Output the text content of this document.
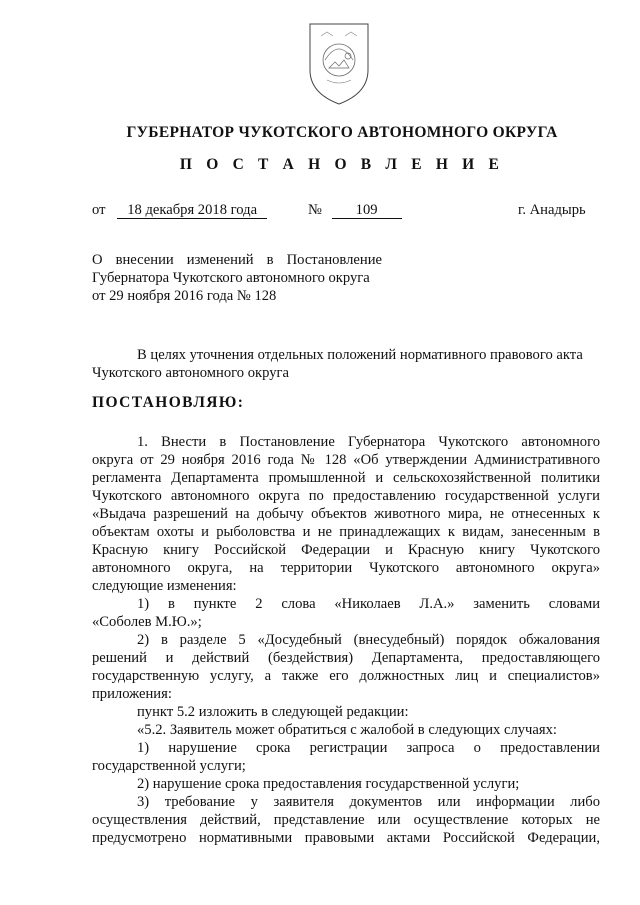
ГУБЕРНАТОР ЧУКОТСКОГО АВТОНОМНОГО ОКРУГА
П О С Т А Н О В Л Е Н И Е
от 18 декабря 2018 года	№ 109	г. Анадырь
О внесении изменений в Постановление
Губернатора Чукотского автономного округа
от 29 ноября 2016 года № 128
В целях уточнения отдельных положений нормативного правового акта
Чукотского автономного округа
ПОСТАНОВЛЯЮ:
1. Внести в Постановление Губернатора Чукотского автономного
округа от 29 ноября 2016 года № 128 «Об утверждении Административного
регламента Департамента промышленной и сельскохозяйственной политики
Чукотского автономного округа по предоставлению государственной услуги
«Выдача разрешений на добычу объектов животного мира, не отнесенных к
объектам охоты и рыболовства и не принадлежащих к видам, занесенным в
Красную книгу Российской Федерации и Красную книгу Чукотского
автономного округа, на территории Чукотского автономного округа»
следующие изменения:
1) в пункте 2 слова «Николаев Л.А.» заменить словами
«Соболев М.Ю.»;
2) в разделе 5 «Досудебный (внесудебный) порядок обжалования
решений и действий (бездействия) Департамента, предоставляющего
государственную услугу, а также его должностных лиц и специалистов»
приложения:
пункт 5.2 изложить в следующей редакции:
«5.2. Заявитель может обратиться с жалобой в следующих случаях:
1) нарушение срока регистрации запроса о предоставлении
государственной услуги;
2) нарушение срока предоставления государственной услуги;
3) требование у заявителя документов или информации либо
осуществления действий, представление или осуществление которых не
предусмотрено нормативными правовыми актами Российской Федерации,
